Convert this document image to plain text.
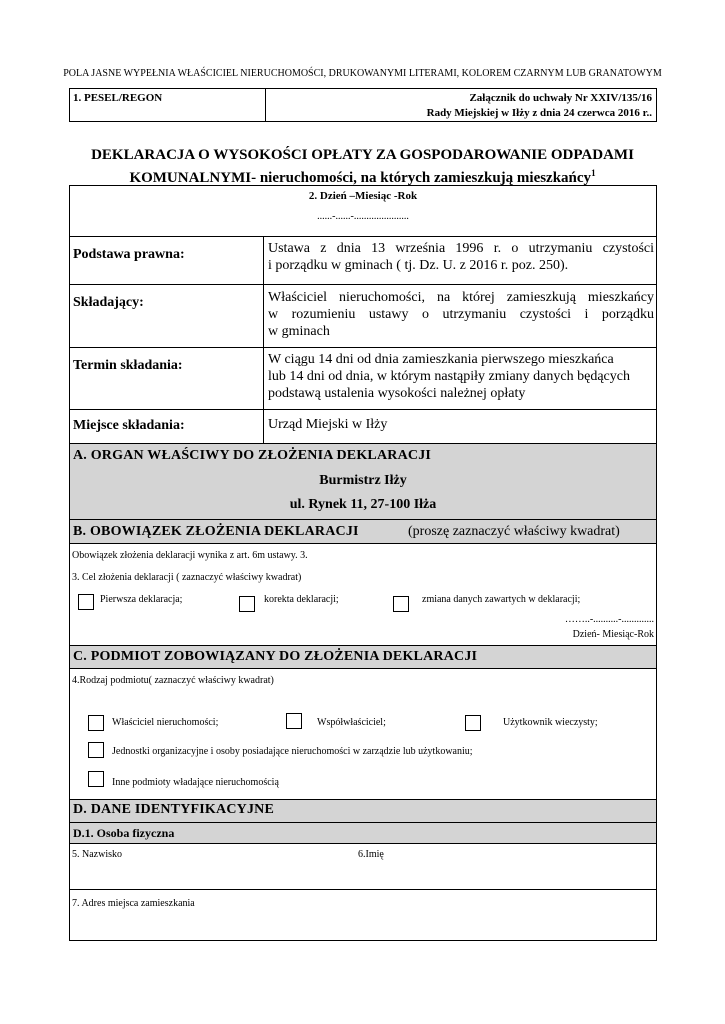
POLA JASNE WYPEŁNIA WŁAŚCICIEL NIERUCHOMOŚCI, DRUKOWANYMI LITERAMI, KOLOREM CZARNYM LUB GRANATOWYM
1. PESEL/REGON	Załącznik do uchwały Nr XXIV/135/16
Rady Miejskiej w Iłży z dnia 24 czerwca 2016 r..
DEKLARACJA O WYSOKOŚCI OPŁATY ZA GOSPODAROWANIE ODPADAMI
KOMUNALNYMI- nieruchomości, na których zamieszkują mieszkańcy$^1$
2. Dzień –Miesiąc -Rok
......-......-......................
Podstawa prawna:	Ustawa z dnia 13 września 1996 r. o utrzymaniu czystości
i porządku w gminach ( tj. Dz. U. z 2016 r. poz. 250).
Składający:	Właściciel nieruchomości, na której zamieszkują mieszkańcy
w rozumieniu ustawy o utrzymaniu czystości i porządku
w gminach
Termin składania:	W ciągu 14 dni od dnia zamieszkania pierwszego mieszkańca
lub 14 dni od dnia, w którym nastąpiły zmiany danych będących
podstawą ustalenia wysokości należnej opłaty
Miejsce składania:	Urząd Miejski w Iłży
A. ORGAN WŁAŚCIWY DO ZŁOŻENIA DEKLARACJI
Burmistrz Iłży
ul. Rynek 11, 27-100 Iłża
B. OBOWIĄZEK ZŁOŻENIA DEKLARACJI	(proszę zaznaczyć właściwy kwadrat)
Obowiązek złożenia deklaracji wynika z art. 6m ustawy. 3.
3. Cel złożenia deklaracji ( zaznaczyć właściwy kwadrat)
Pierwsza deklaracja;	korekta deklaracji;	zmiana danych zawartych w deklaracji;
……..-..........-.............
Dzień- Miesiąc-Rok
C. PODMIOT ZOBOWIĄZANY DO ZŁOŻENIA DEKLARACJI
4.Rodzaj podmiotu( zaznaczyć właściwy kwadrat)
Właściciel nieruchomości;	Współwłaściciel;	Użytkownik wieczysty;
Jednostki organizacyjne i osoby posiadające nieruchomości w zarządzie lub użytkowaniu;
Inne podmioty władające nieruchomością
D. DANE IDENTYFIKACYJNE
D.1. Osoba fizyczna
5. Nazwisko	6.Imię
7. Adres miejsca zamieszkania
